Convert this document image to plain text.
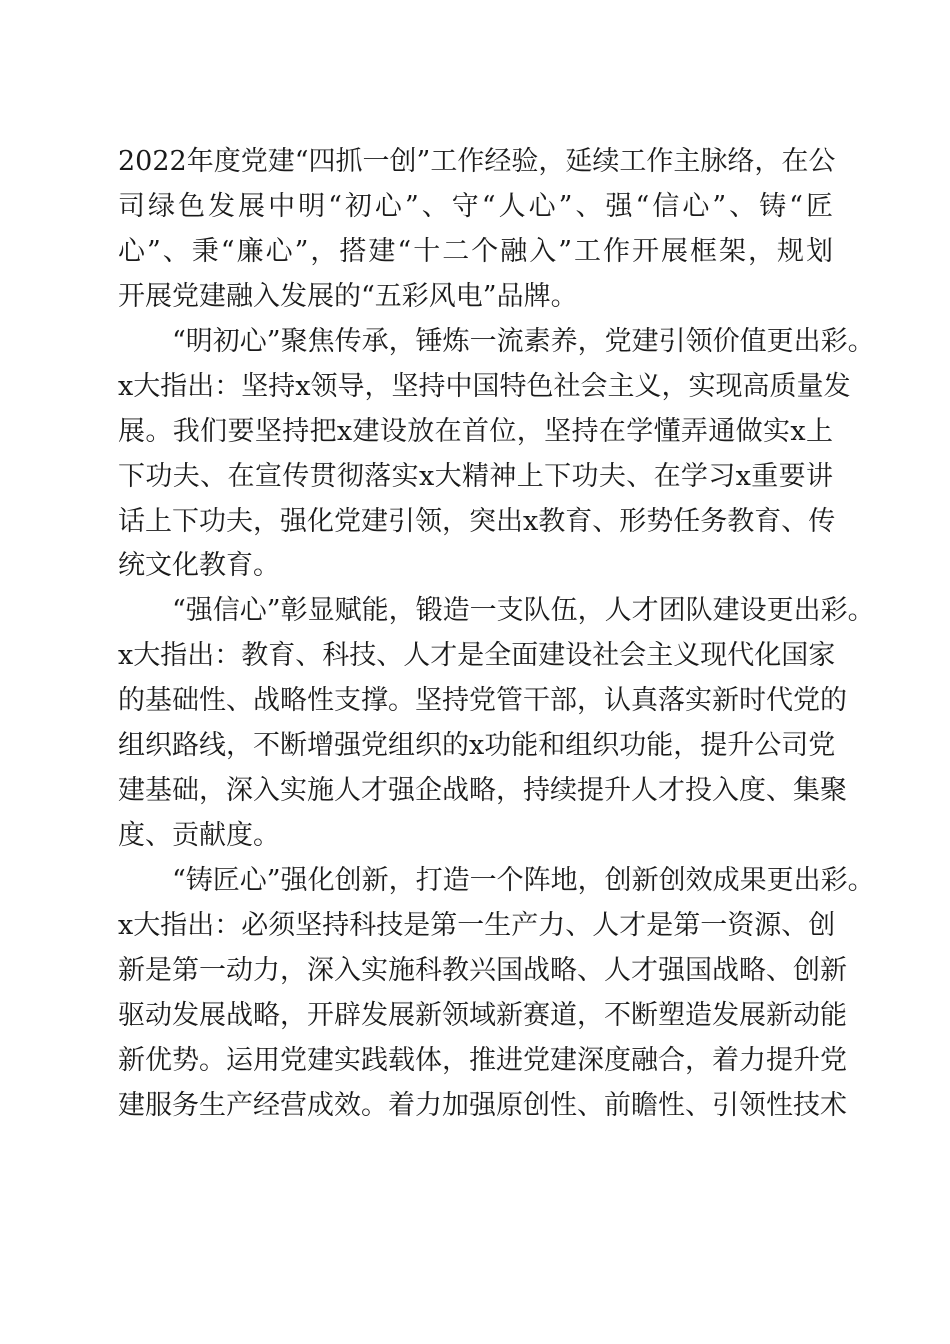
2022年度党建“四抓一创”工作经验，延续工作主脉络，在公
司绿色发展中明“初心”、守“人心”、强“信心”、铸“匠
心”、秉“廉心”，搭建“十二个融入”工作开展框架，规划
开展党建融入发展的“五彩风电”品牌。
“明初心”聚焦传承，锤炼一流素养，党建引领价值更出彩。
x大指出：坚持x领导，坚持中国特色社会主义，实现高质量发
展。我们要坚持把x建设放在首位，坚持在学懂弄通做实x上
下功夫、在宣传贯彻落实x大精神上下功夫、在学习x重要讲
话上下功夫，强化党建引领，突出x教育、形势任务教育、传
统文化教育。
“强信心”彰显赋能，锻造一支队伍，人才团队建设更出彩。
x大指出：教育、科技、人才是全面建设社会主义现代化国家
的基础性、战略性支撑。坚持党管干部，认真落实新时代党的
组织路线，不断增强党组织的x功能和组织功能，提升公司党
建基础，深入实施人才强企战略，持续提升人才投入度、集聚
度、贡献度。
“铸匠心”强化创新，打造一个阵地，创新创效成果更出彩。
x大指出：必须坚持科技是第一生产力、人才是第一资源、创
新是第一动力，深入实施科教兴国战略、人才强国战略、创新
驱动发展战略，开辟发展新领域新赛道，不断塑造发展新动能
新优势。运用党建实践载体，推进党建深度融合，着力提升党
建服务生产经营成效。着力加强原创性、前瞻性、引领性技术
